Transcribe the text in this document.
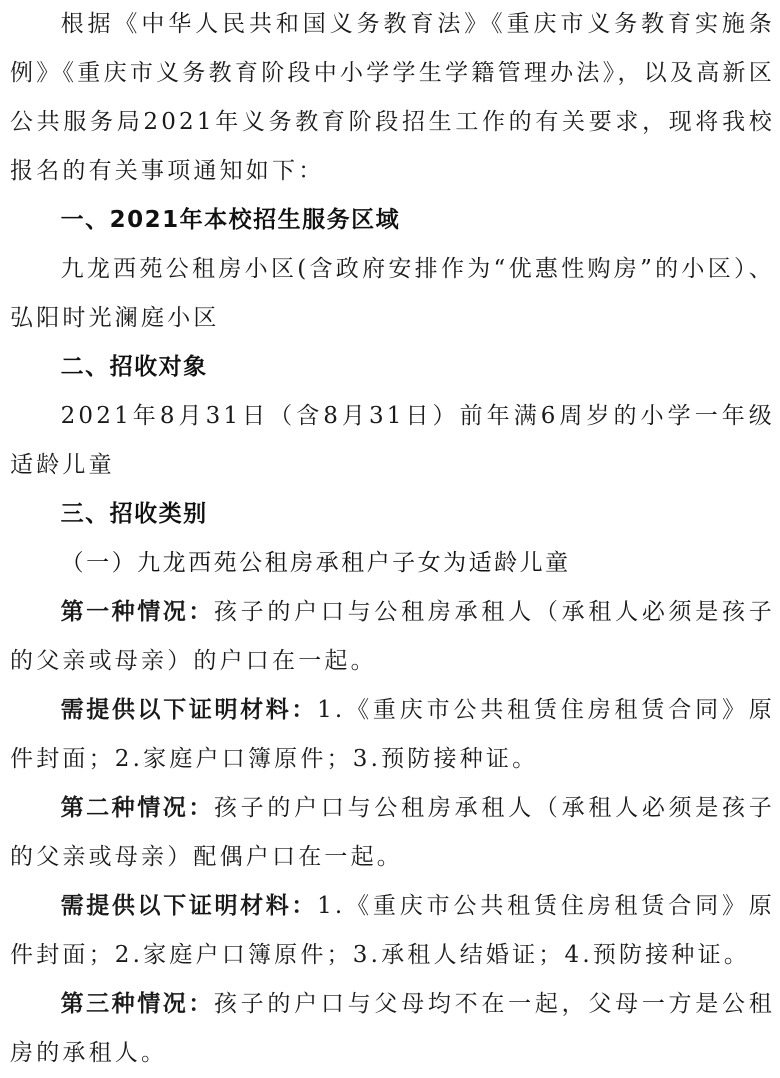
根据《中华人民共和国义务教育法》《重庆市义务教育实施条例》《重庆市义务教育阶段中小学学生学籍管理办法》，以及高新区公共服务局2021年义务教育阶段招生工作的有关要求，现将我校报名的有关事项通知如下：

一、2021年本校招生服务区域

九龙西苑公租房小区(含政府安排作为“优惠性购房”的小区）、弘阳时光澜庭小区

二、招收对象

2021年8月31日（含8月31日）前年满6周岁的小学一年级适龄儿童

三、招收类别

（一）九龙西苑公租房承租户子女为适龄儿童

第一种情况：孩子的户口与公租房承租人（承租人必须是孩子的父亲或母亲）的户口在一起。

需提供以下证明材料：1.《重庆市公共租赁住房租赁合同》原件封面；2.家庭户口簿原件；3.预防接种证。

第二种情况：孩子的户口与公租房承租人（承租人必须是孩子的父亲或母亲）配偶户口在一起。

需提供以下证明材料：1.《重庆市公共租赁住房租赁合同》原件封面；2.家庭户口簿原件；3.承租人结婚证；4.预防接种证。

第三种情况：孩子的户口与父母均不在一起，父母一方是公租房的承租人。
